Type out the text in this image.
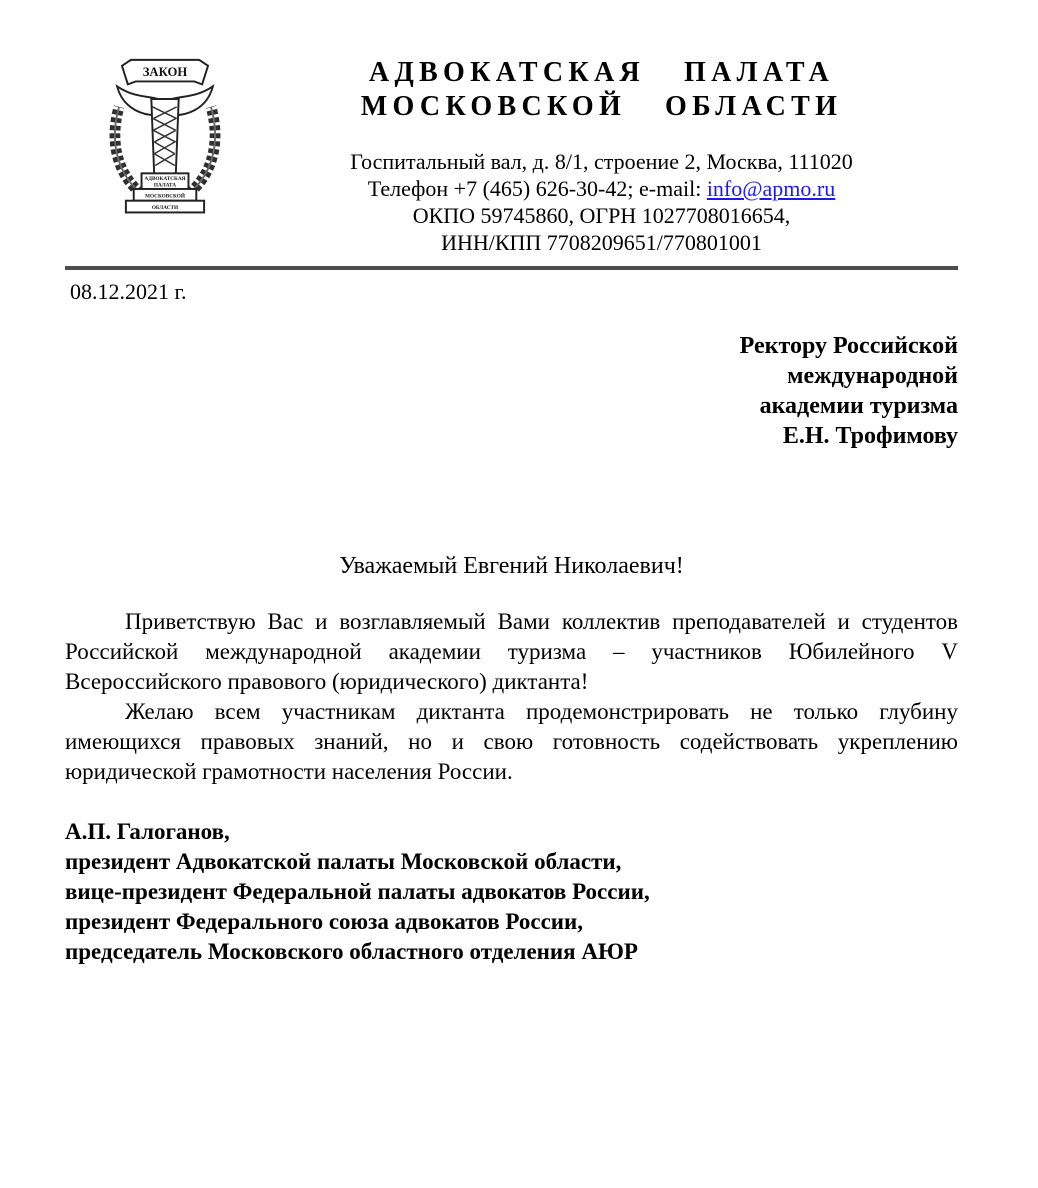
ЗАКОН
АДВОКАТСКАЯ
ПАЛАТА
МОСКОВСКОЙ
ОБЛАСТИ
АДВОКАТСКАЯ ПАЛАТА
МОСКОВСКОЙ ОБЛАСТИ
Госпитальный вал, д. 8/1, строение 2, Москва, 111020
Телефон +7 (465) 626-30-42; e-mail: info@apmo.ru
ОКПО 59745860, ОГРН 1027708016654,
ИНН/КПП 7708209651/770801001
08.12.2021 г.
Ректору Российской
международной
академии туризма
Е.Н. Трофимову
Уважаемый Евгений Николаевич!

Приветствую Вас и возглавляемый Вами коллектив преподавателей и студентов Российской международной академии туризма – участников Юбилейного V Всероссийского правового (юридического) диктанта!

Желаю всем участникам диктанта продемонстрировать не только глубину имеющихся правовых знаний, но и свою готовность содействовать укреплению юридической грамотности населения России.

А.П. Галоганов,
президент Адвокатской палаты Московской области,
вице-президент Федеральной палаты адвокатов России,
президент Федерального союза адвокатов России,
председатель Московского областного отделения АЮР
